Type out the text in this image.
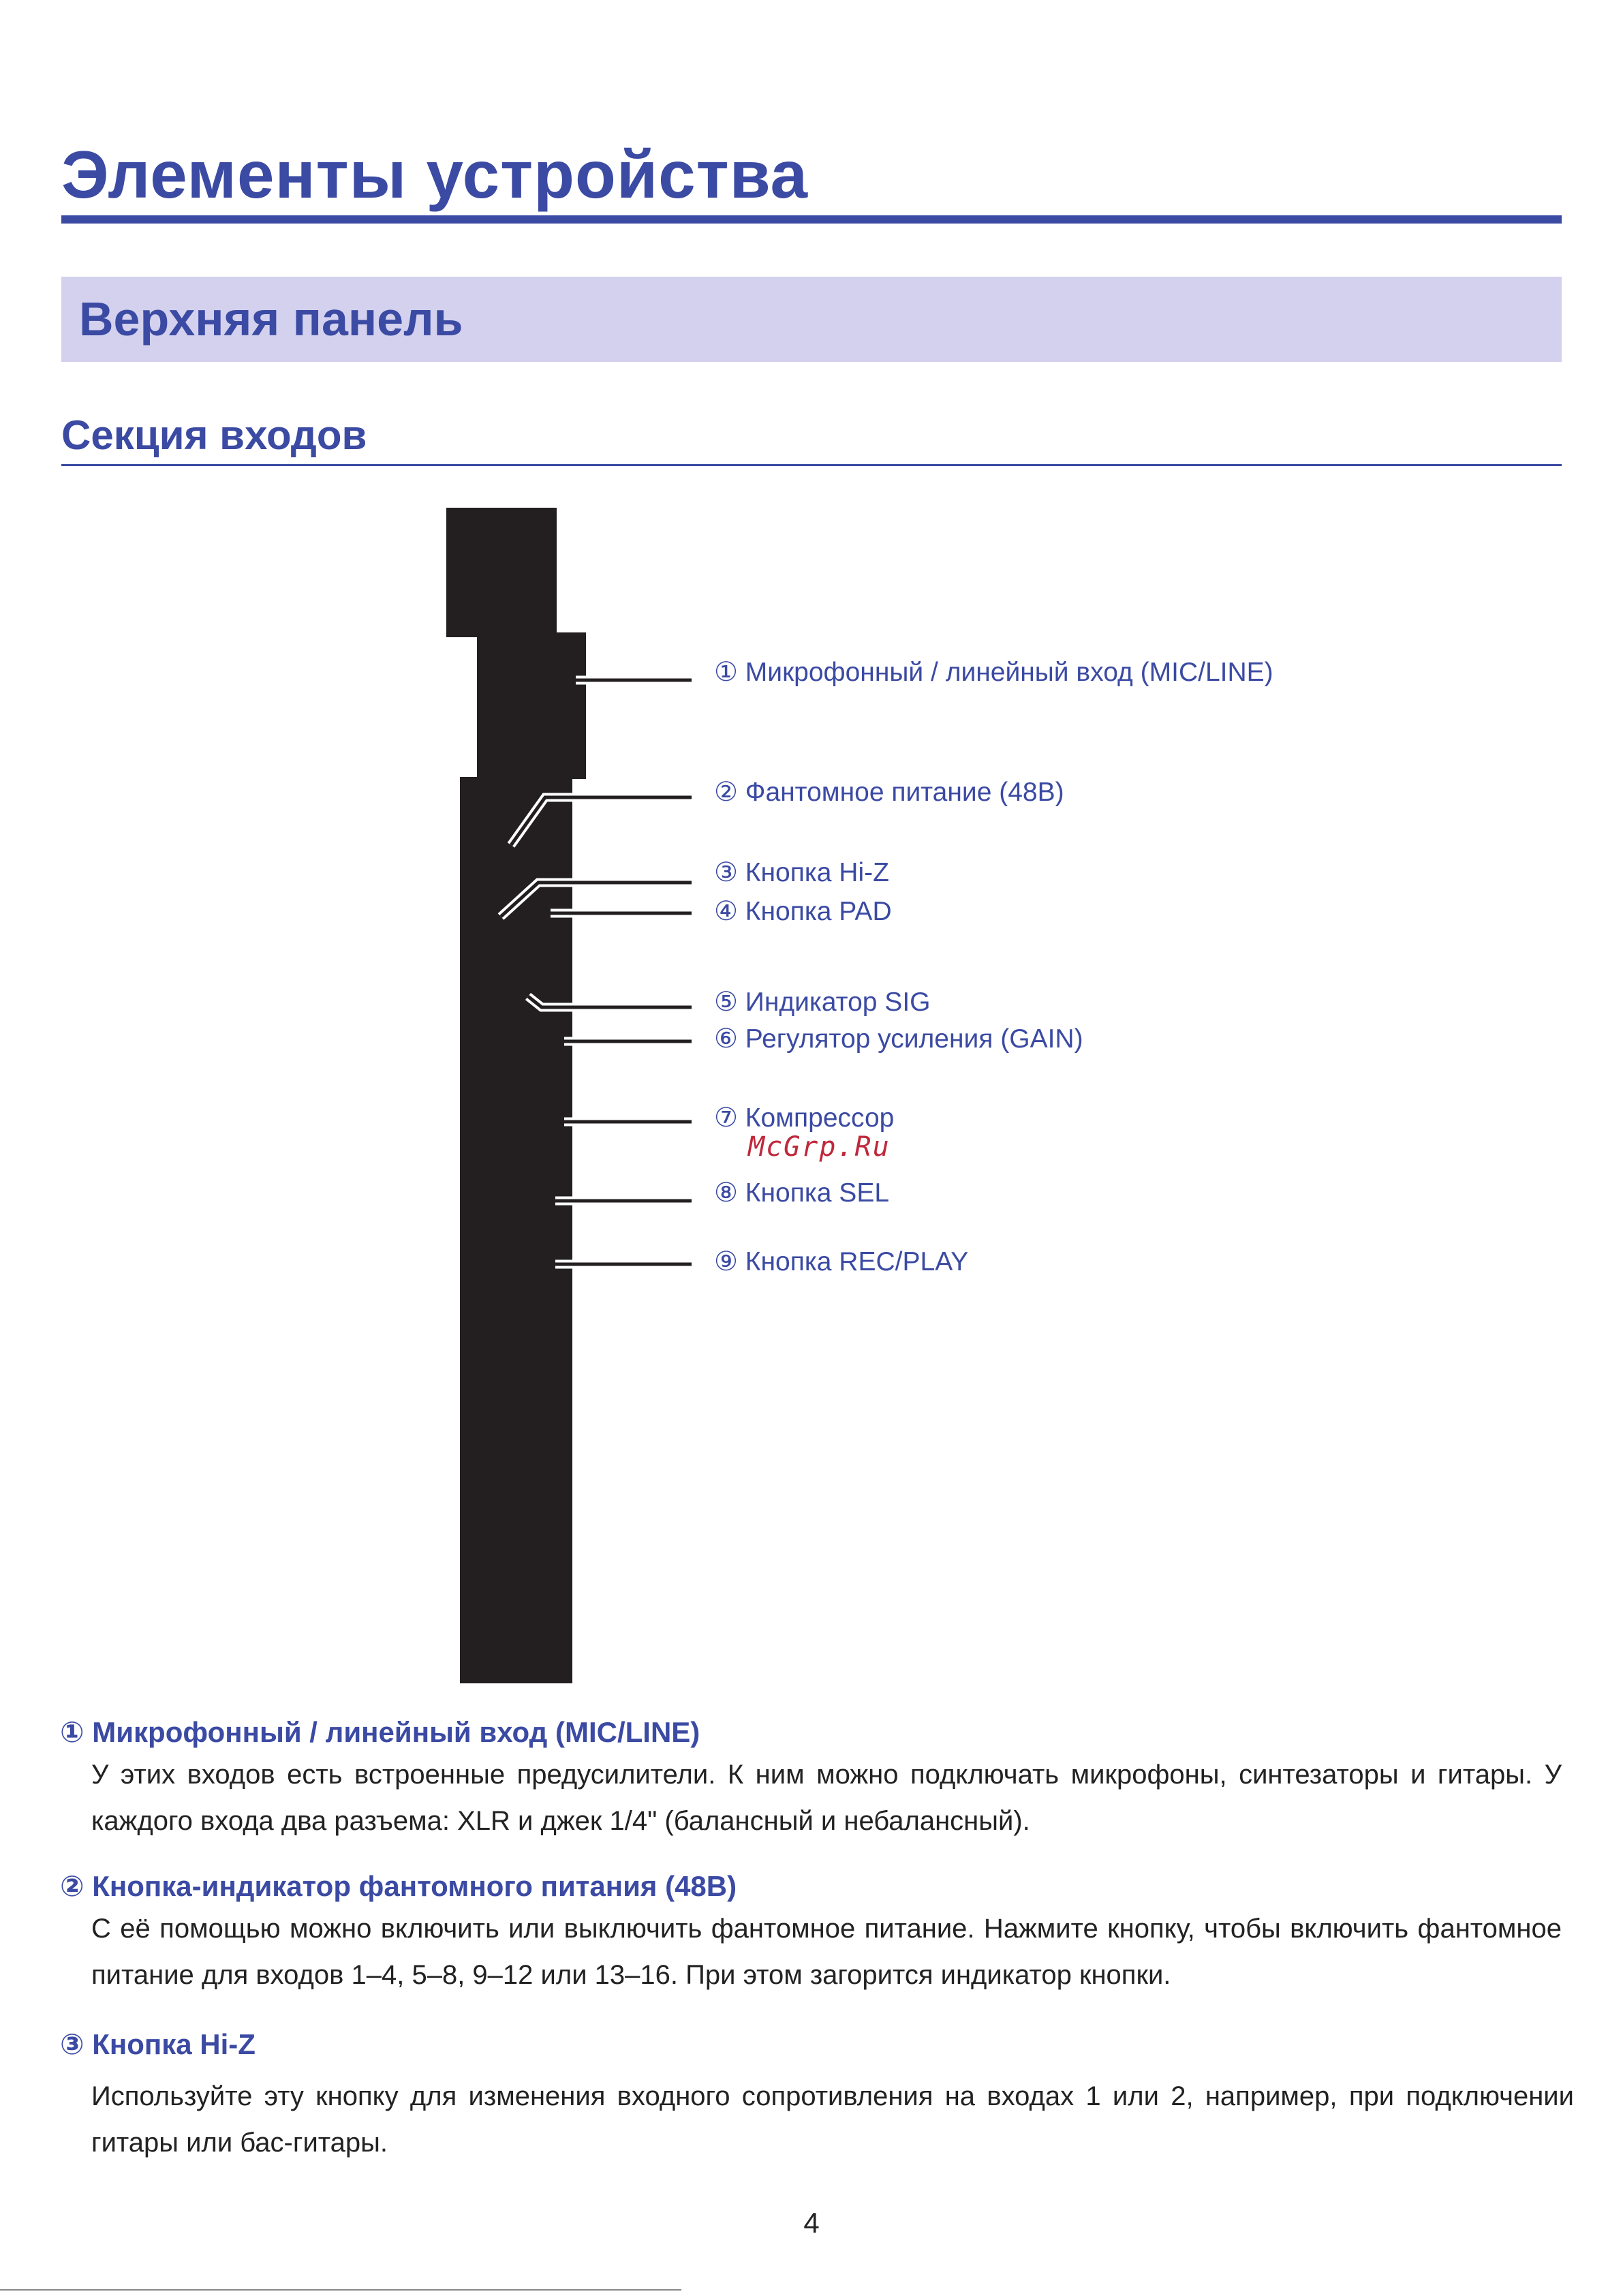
Элементы устройства
Верхняя панель
Секция входов
① Микрофонный / линейный вход (MIC/LINE)
② Фантомное питание (48В)
③ Кнопка Hi-Z
④ Кнопка PAD
⑤ Индикатор SIG
⑥ Регулятор усиления (GAIN)
⑦ Компрессор
McGrp.Ru
⑧ Кнопка SEL
⑨ Кнопка REC/PLAY
① Микрофонный / линейный вход (MIC/LINE)

У этих входов есть встроенные предусилители. К ним можно подключать микрофоны, синтезаторы и гитары. У каждого входа два разъема: XLR и джек 1/4" (балансный и небалансный).

② Кнопка-индикатор фантомного питания (48В)

С её помощью можно включить или выключить фантомное питание. Нажмите кнопку, чтобы включить фантомное питание для входов 1–4, 5–8, 9–12 или 13–16. При этом загорится индикатор кнопки.

③ Кнопка Hi-Z

Используйте эту кнопку для изменения входного сопротивления на входах 1 или 2, например, при подключении гитары или бас-гитары.

4
